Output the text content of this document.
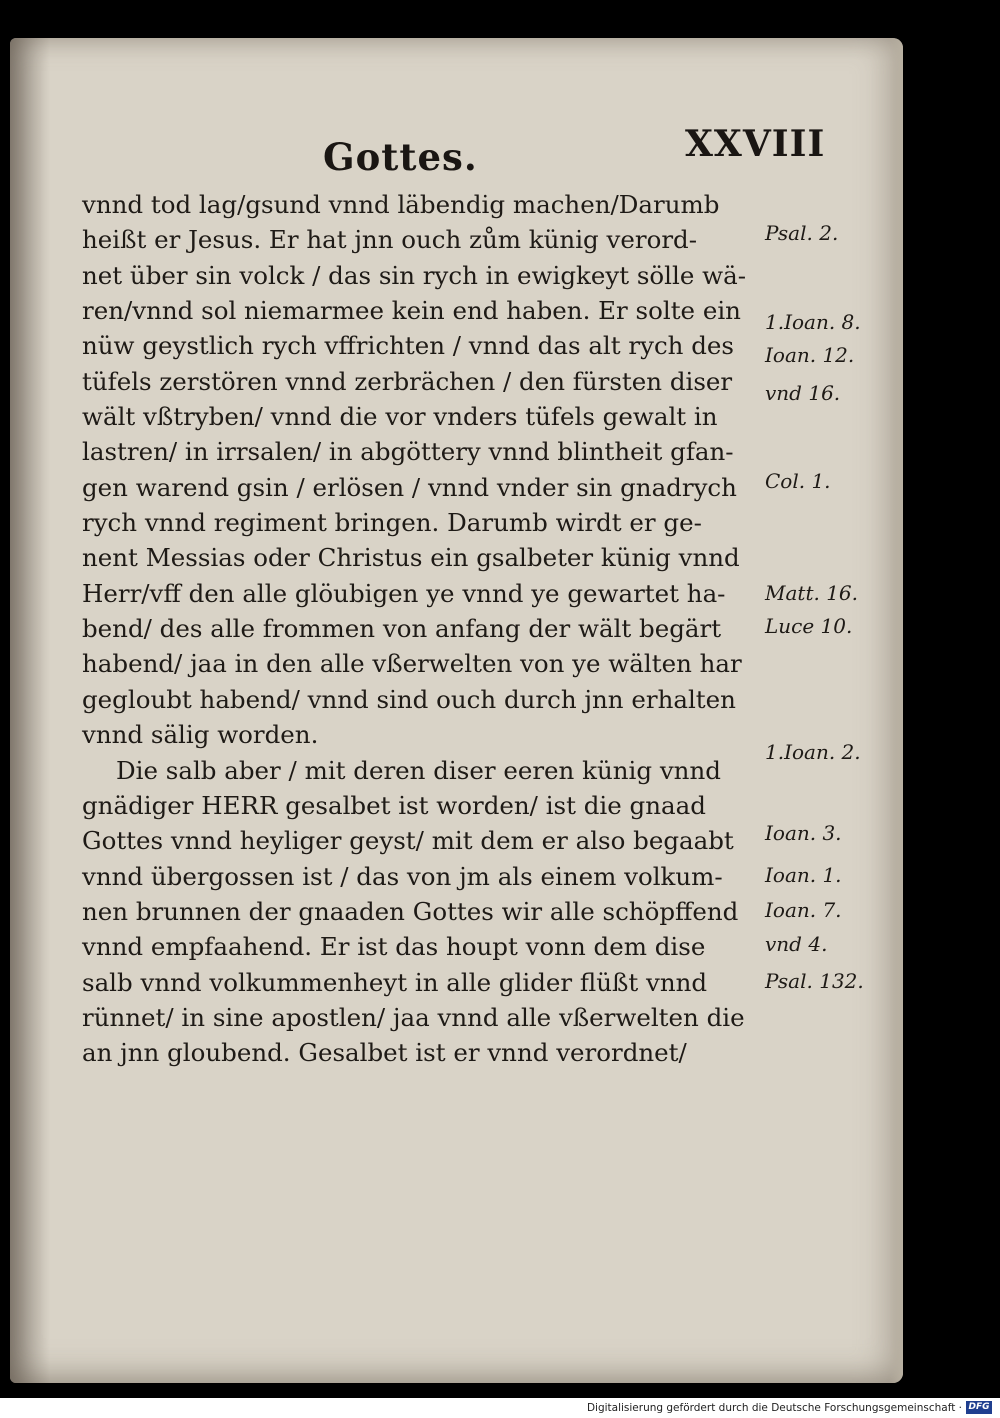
Gottes.	XXVIII
vnnd tod lag/gsund vnnd läbendig machen/Darumb
heißt er Jesus. Er hat jnn ouch zům künig verord-
net über sin volck / das sin rych in ewigkeyt sölle wä-
ren/vnnd sol niemarmee kein end haben. Er solte ein
nüw geystlich rych vffrichten / vnnd das alt rych des
tüfels zerstören vnnd zerbrächen / den fürsten diser
wält vßtryben/ vnnd die vor vnders tüfels gewalt in
lastren/ in irrsalen/ in abgöttery vnnd blintheit gfan-
gen warend gsin / erlösen / vnnd vnder sin gnadrych
rych vnnd regiment bringen. Darumb wirdt er ge-
nent Messias oder Christus ein gsalbeter künig vnnd
Herr/vff den alle glöubigen ye vnnd ye gewartet ha-
bend/ des alle frommen von anfang der wält begärt
habend/ jaa in den alle vßerwelten von ye wälten har
gegloubt habend/ vnnd sind ouch durch jnn erhalten
vnnd sälig worden.
Die salb aber / mit deren diser eeren künig vnnd
gnädiger HERR gesalbet ist worden/ ist die gnaad
Gottes vnnd heyliger geyst/ mit dem er also begaabt
vnnd übergossen ist / das von jm als einem volkum-
nen brunnen der gnaaden Gottes wir alle schöpffend
vnnd empfaahend. Er ist das houpt vonn dem dise
salb vnnd volkummenheyt in alle glider flüßt vnnd
rünnet/ in sine apostlen/ jaa vnnd alle vßerwelten die
an jnn gloubend. Gesalbet ist er vnnd verordnet/
Psal. 2.
1.Ioan. 8.
Ioan. 12.
vnd 16.
Col. 1.
Matt. 16.
Luce 10.
1.Ioan. 2.
Ioan. 3.
Ioan. 1.
Ioan. 7.
vnd 4.
Psal. 132.
Digitalisierung gefördert durch die Deutsche Forschungsgemeinschaft · DFG
